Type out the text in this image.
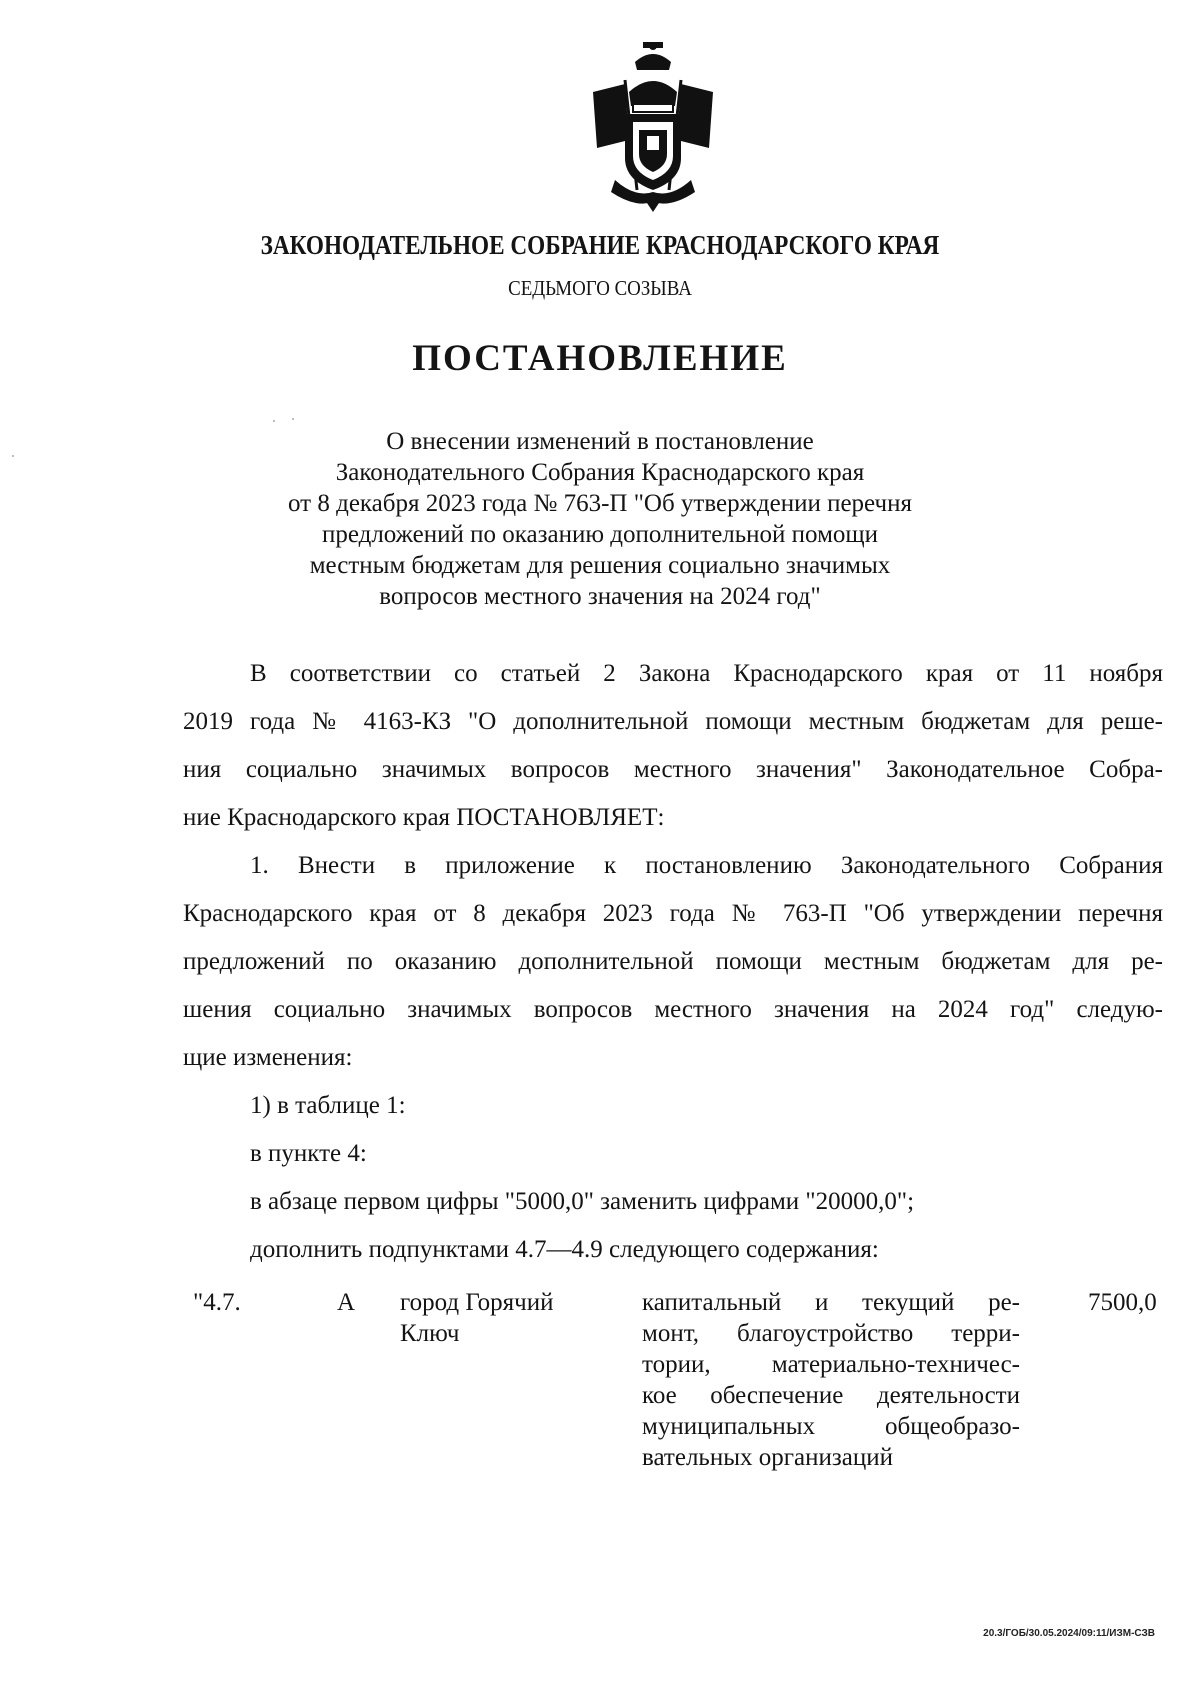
ЗАКОНОДАТЕЛЬНОЕ СОБРАНИЕ КРАСНОДАРСКОГО КРАЯ
СЕДЬМОГО СОЗЫВА
ПОСТАНОВЛЕНИЕ
О внесении изменений в постановление
Законодательного Собрания Краснодарского края
от 8 декабря 2023 года № 763-П "Об утверждении перечня
предложений по оказанию дополнительной помощи
местным бюджетам для решения социально значимых
вопросов местного значения на 2024 год"
В соответствии со статьей 2 Закона Краснодарского края от 11 ноября
2019 года № 4163-КЗ "О дополнительной помощи местным бюджетам для реше-
ния социально значимых вопросов местного значения" Законодательное Собра-
ние Краснодарского края ПОСТАНОВЛЯЕТ:
1. Внести в приложение к постановлению Законодательного Собрания
Краснодарского края от 8 декабря 2023 года № 763-П "Об утверждении перечня
предложений по оказанию дополнительной помощи местным бюджетам для ре-
шения социально значимых вопросов местного значения на 2024 год" следую-
щие изменения:
1) в таблице 1:
в пункте 4:
в абзаце первом цифры "5000,0" заменить цифрами "20000,0";
дополнить подпунктами 4.7—4.9 следующего содержания:
"4.7.	А город Горячий
Ключ
капитальный и текущий ре-
монт, благоустройство терри-
тории, материально-техничес-
кое обеспечение деятельности
муниципальных общеобразо-
вательных организаций
7500,0
20.3/ГОБ/30.05.2024/09:11/ИЗМ-СЗВ
